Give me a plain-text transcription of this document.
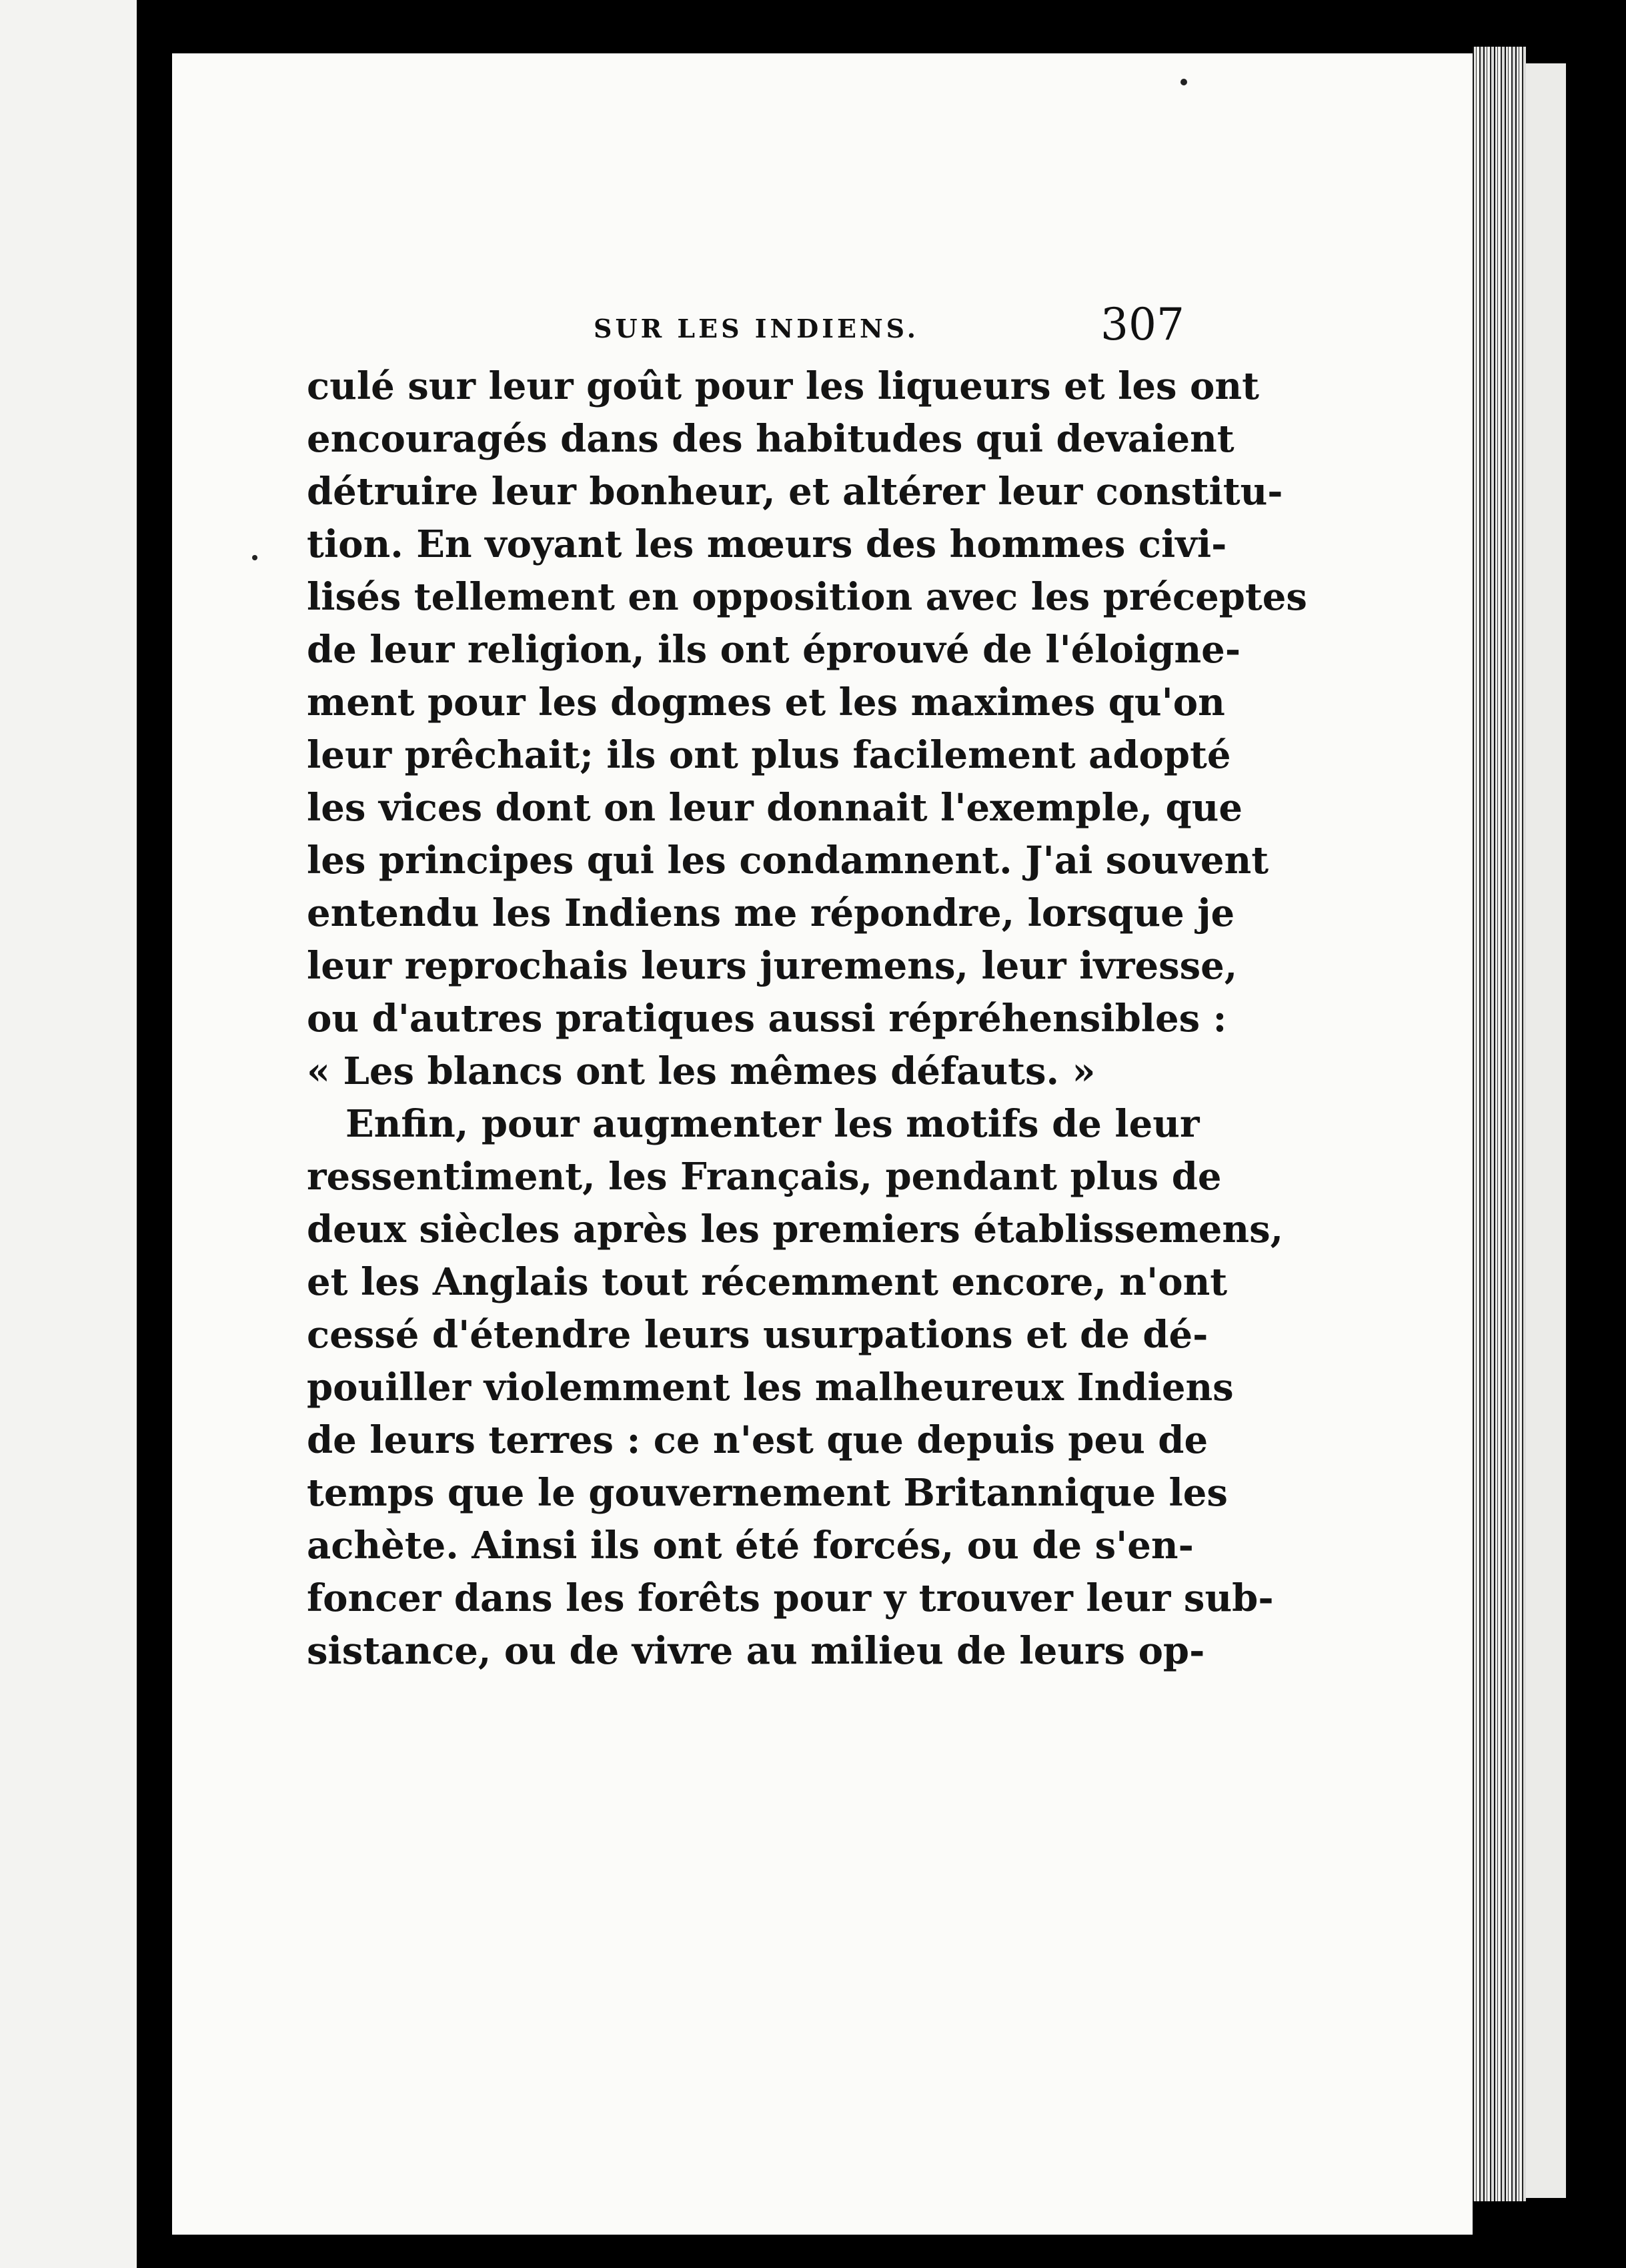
SUR LES INDIENS.	307
culé sur leur goût pour les liqueurs et les ont
encouragés dans des habitudes qui devaient
détruire leur bonheur, et altérer leur constitu-
tion. En voyant les mœurs des hommes civi-
lisés tellement en opposition avec les préceptes
de leur religion, ils ont éprouvé de l'éloigne-
ment pour les dogmes et les maximes qu'on
leur prêchait; ils ont plus facilement adopté
les vices dont on leur donnait l'exemple, que
les principes qui les condamnent. J'ai souvent
entendu les Indiens me répondre, lorsque je
leur reprochais leurs juremens, leur ivresse,
ou d'autres pratiques aussi répréhensibles :
« Les blancs ont les mêmes défauts. »
Enfin, pour augmenter les motifs de leur
ressentiment, les Français, pendant plus de
deux siècles après les premiers établissemens,
et les Anglais tout récemment encore, n'ont
cessé d'étendre leurs usurpations et de dé-
pouiller violemment les malheureux Indiens
de leurs terres : ce n'est que depuis peu de
temps que le gouvernement Britannique les
achète. Ainsi ils ont été forcés, ou de s'en-
foncer dans les forêts pour y trouver leur sub-
sistance, ou de vivre au milieu de leurs op-
